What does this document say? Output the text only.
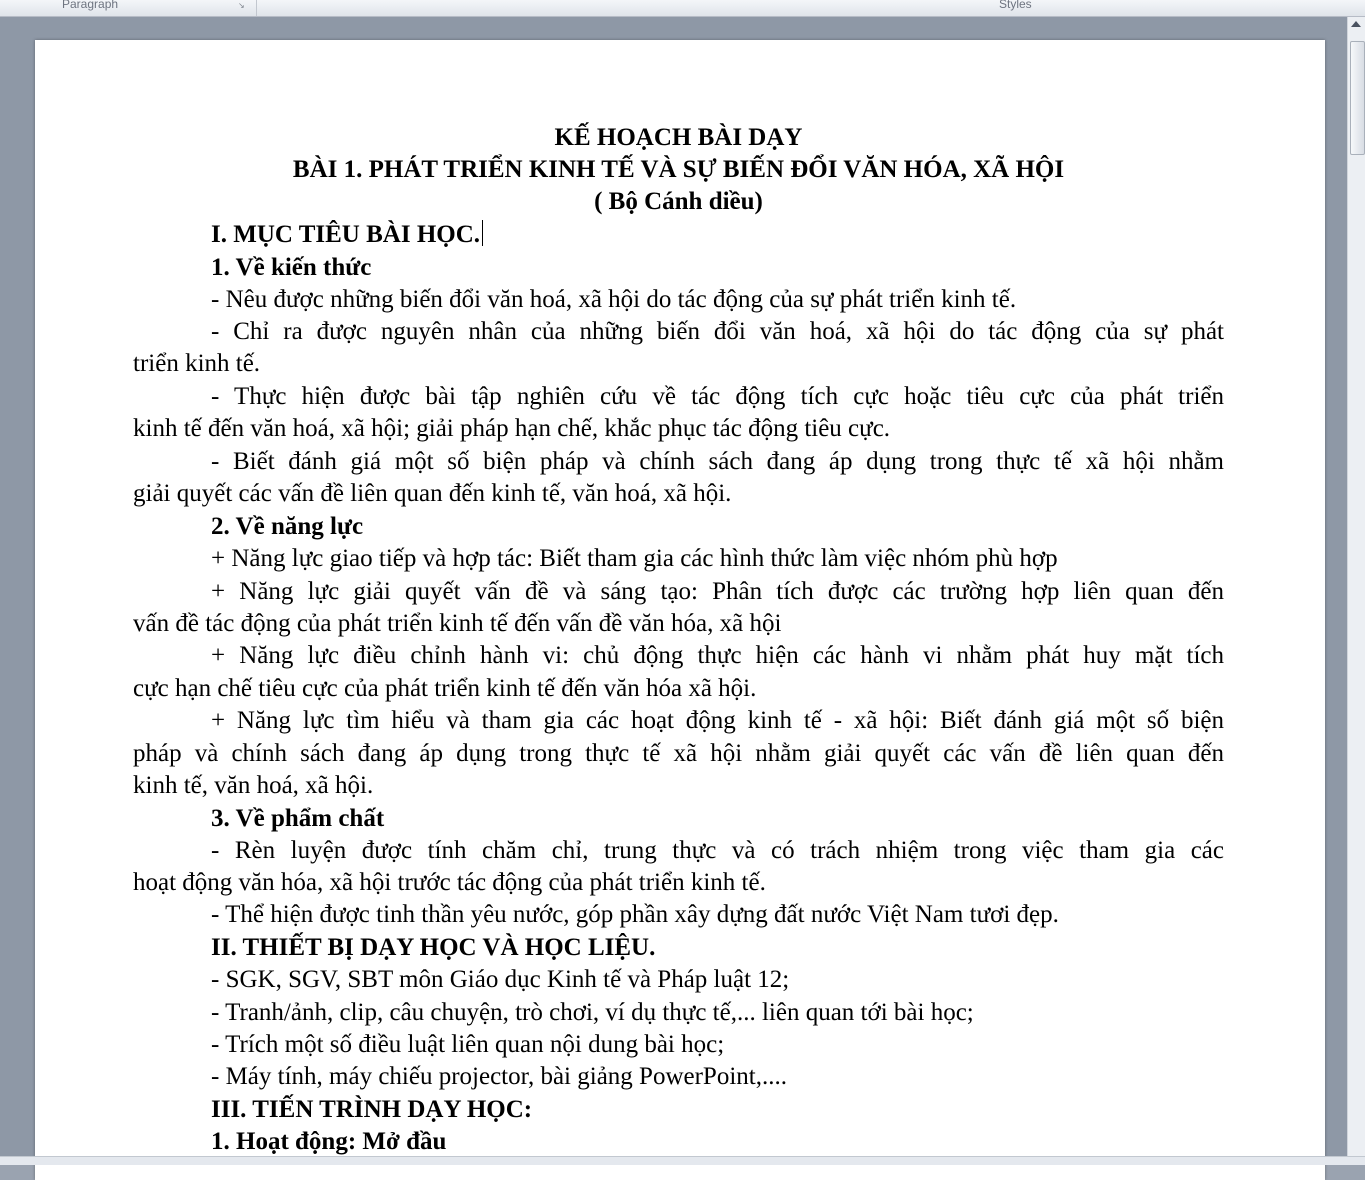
Paragraph	↘	Styles
KẾ HOẠCH BÀI DẠY
BÀI 1. PHÁT TRIỂN KINH TẾ VÀ SỰ BIẾN ĐỔI VĂN HÓA, XÃ HỘI
( Bộ Cánh diều)
I. MỤC TIÊU BÀI HỌC.
1. Về kiến thức
- Nêu được những biến đổi văn hoá, xã hội do tác động của sự phát triển kinh tế.
- Chỉ ra được nguyên nhân của những biến đổi văn hoá, xã hội do tác động của sự phát
triển kinh tế.
- Thực hiện được bài tập nghiên cứu về tác động tích cực hoặc tiêu cực của phát triển
kinh tế đến văn hoá, xã hội; giải pháp hạn chế, khắc phục tác động tiêu cực.
- Biết đánh giá một số biện pháp và chính sách đang áp dụng trong thực tế xã hội nhằm
giải quyết các vấn đề liên quan đến kinh tế, văn hoá, xã hội.
2. Về năng lực
+ Năng lực giao tiếp và hợp tác: Biết tham gia các hình thức làm việc nhóm phù hợp
+ Năng lực giải quyết vấn đề và sáng tạo: Phân tích được các trường hợp liên quan đến
vấn đề tác động của phát triển kinh tế đến vấn đề văn hóa, xã hội
+ Năng lực điều chỉnh hành vi: chủ động thực hiện các hành vi nhằm phát huy mặt tích
cực hạn chế tiêu cực của phát triển kinh tế đến văn hóa xã hội.
+ Năng lực tìm hiểu và tham gia các hoạt động kinh tế - xã hội: Biết đánh giá một số biện
pháp và chính sách đang áp dụng trong thực tế xã hội nhằm giải quyết các vấn đề liên quan đến
kinh tế, văn hoá, xã hội.
3. Về phẩm chất
- Rèn luyện được tính chăm chỉ, trung thực và có trách nhiệm trong việc tham gia các
hoạt động văn hóa, xã hội trước tác động của phát triển kinh tế.
- Thể hiện được tinh thần yêu nước, góp phần xây dựng đất nước Việt Nam tươi đẹp.
II. THIẾT BỊ DẠY HỌC VÀ HỌC LIỆU.
- SGK, SGV, SBT môn Giáo dục Kinh tế và Pháp luật 12;
- Tranh/ảnh, clip, câu chuyện, trò chơi, ví dụ thực tế,... liên quan tới bài học;
- Trích một số điều luật liên quan nội dung bài học;
- Máy tính, máy chiếu projector, bài giảng PowerPoint,....
III. TIẾN TRÌNH DẠY HỌC:
1. Hoạt động: Mở đầu
